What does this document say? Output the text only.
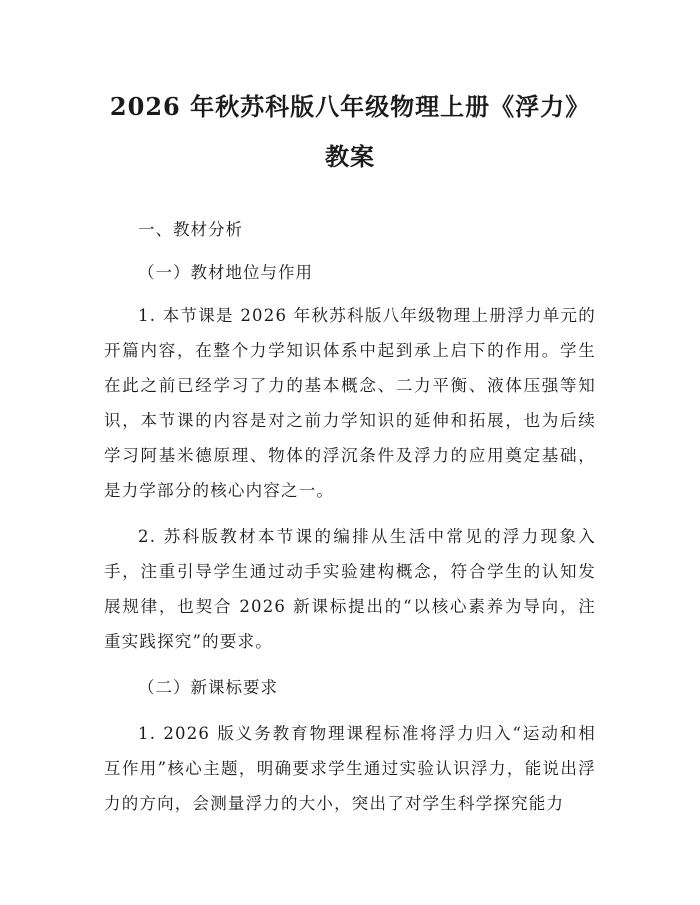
2026 年秋苏科版八年级物理上册《浮力》教案

一、教材分析

（一）教材地位与作用

1. 本节课是 2026 年秋苏科版八年级物理上册浮力单元的开篇内容，在整个力学知识体系中起到承上启下的作用。学生在此之前已经学习了力的基本概念、二力平衡、液体压强等知识，本节课的内容是对之前力学知识的延伸和拓展，也为后续学习阿基米德原理、物体的浮沉条件及浮力的应用奠定基础，是力学部分的核心内容之一。

2. 苏科版教材本节课的编排从生活中常见的浮力现象入手，注重引导学生通过动手实验建构概念，符合学生的认知发展规律，也契合 2026 新课标提出的“以核心素养为导向，注重实践探究”的要求。

（二）新课标要求

1. 2026 版义务教育物理课程标准将浮力归入“运动和相互作用”核心主题，明确要求学生通过实验认识浮力，能说出浮力的方向，会测量浮力的大小，突出了对学生科学探究能力
